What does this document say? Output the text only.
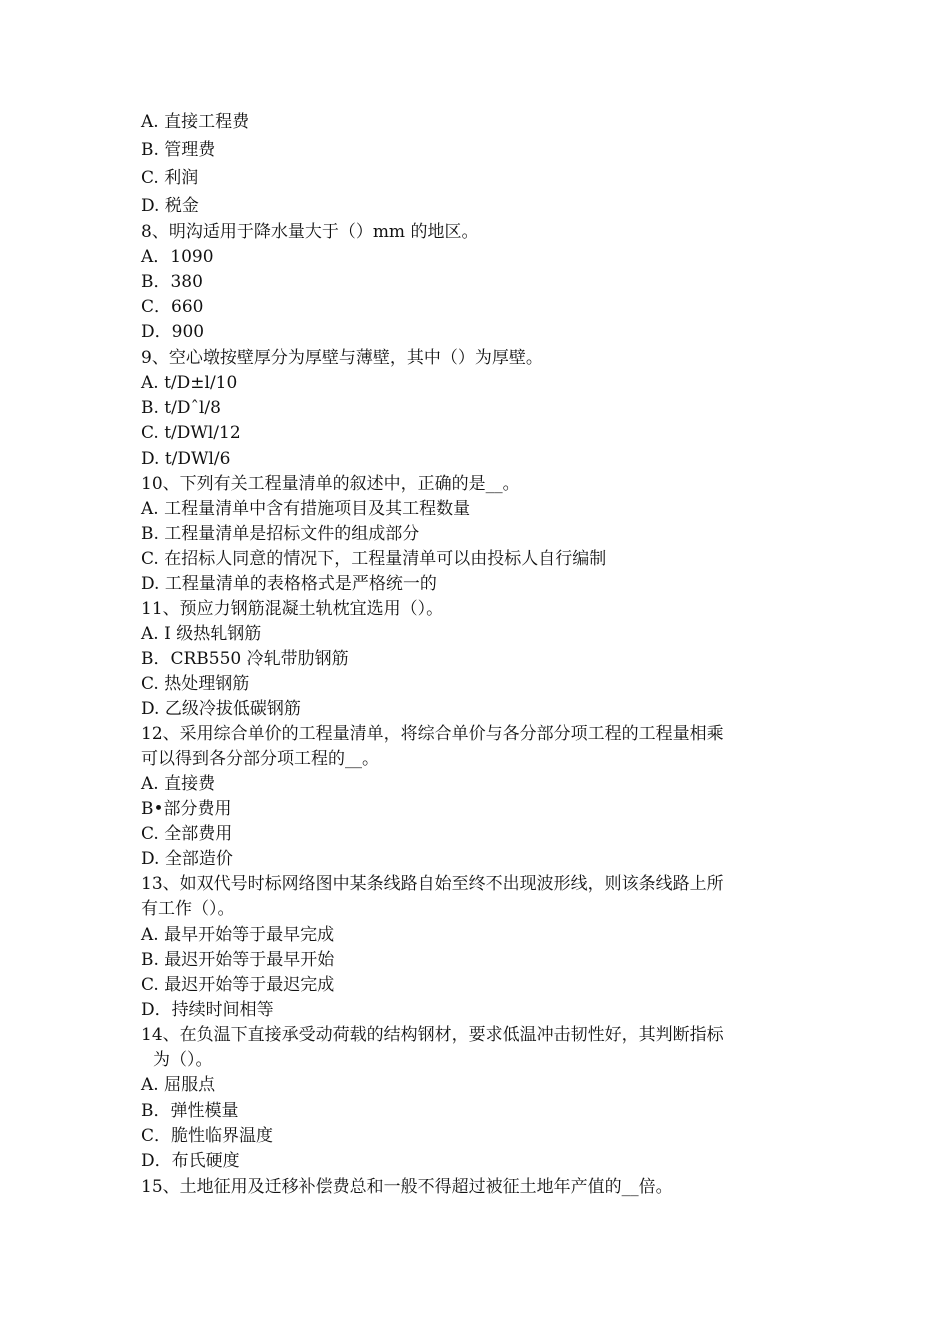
A. 直接工程费
B. 管理费
C. 利润
D. 税金
8、明沟适用于降水量大于（）mm 的地区。
A．1090
B．380
C．660
D．900
9、空心墩按壁厚分为厚壁与薄壁，其中（）为厚壁。
A. t/D±l/10
B. t/Dˆl/8
C. t/DWl/12
D. t/DWl/6
10、下列有关工程量清单的叙述中，正确的是__。
A. 工程量清单中含有措施项目及其工程数量
B. 工程量清单是招标文件的组成部分
C. 在招标人同意的情况下，工程量清单可以由投标人自行编制
D. 工程量清单的表格格式是严格统一的
11、预应力钢筋混凝土轨枕宜选用（）。
A. I 级热轧钢筋
B．CRB550 冷轧带肋钢筋
C. 热处理钢筋
D. 乙级冷拔低碳钢筋
12、采用综合单价的工程量清单，将综合单价与各分部分项工程的工程量相乘
可以得到各分部分项工程的__。
A. 直接费
B•部分费用
C. 全部费用
D. 全部造价
13、如双代号时标网络图中某条线路自始至终不出现波形线，则该条线路上所
有工作（）。
A. 最早开始等于最早完成
B. 最迟开始等于最早开始
C. 最迟开始等于最迟完成
D．持续时间相等
14、在负温下直接承受动荷载的结构钢材，要求低温冲击韧性好，其判断指标
为（）。
A. 屈服点
B．弹性模量
C．脆性临界温度
D．布氏硬度
15、土地征用及迁移补偿费总和一般不得超过被征土地年产值的__倍。
